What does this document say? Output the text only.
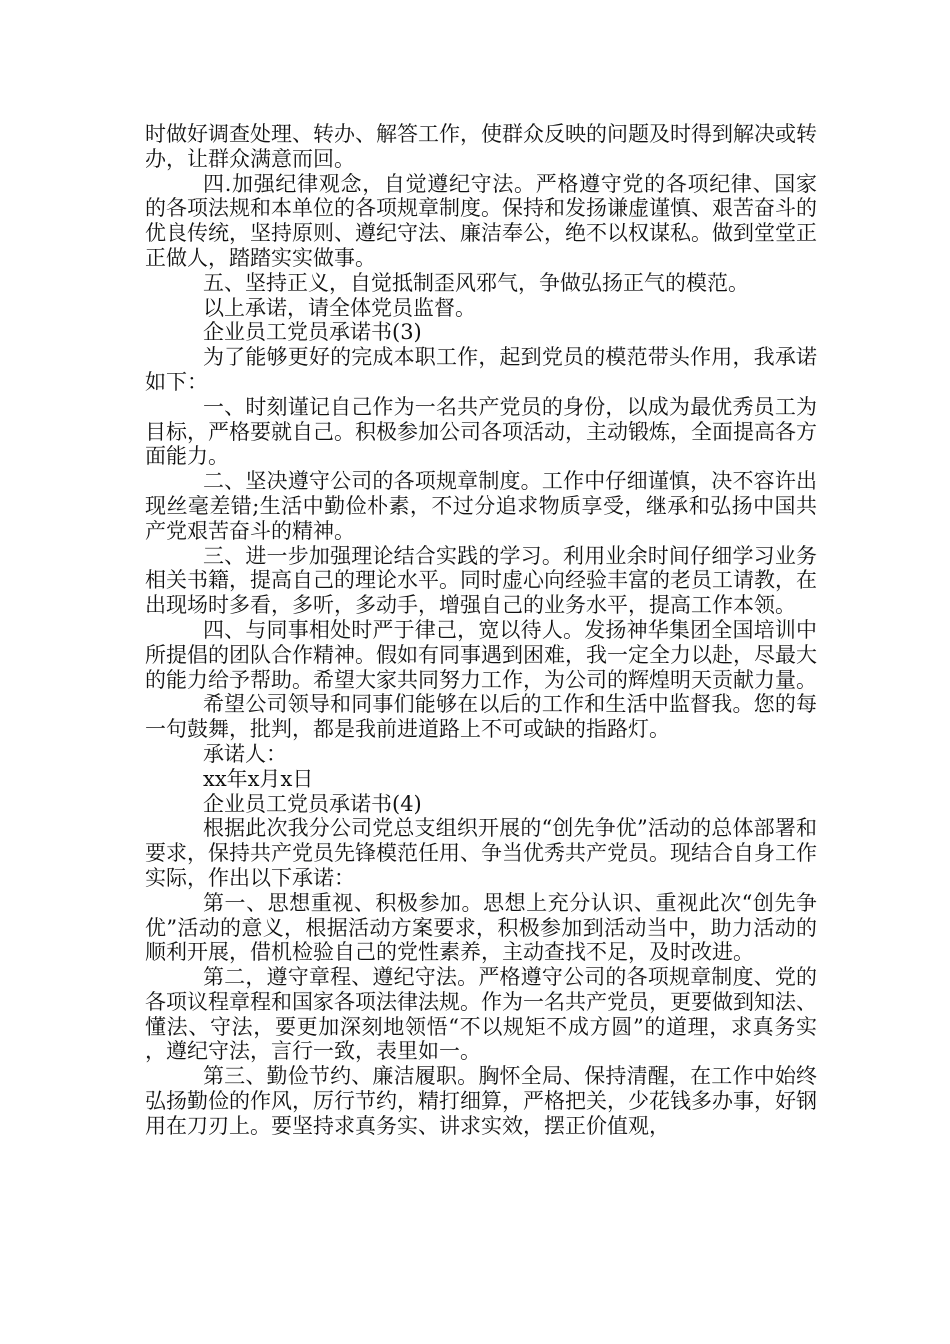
时做好调查处理、转办、解答工作，使群众反映的问题及时得到解决或转办，让群众满意而回。

四.加强纪律观念，自觉遵纪守法。严格遵守党的各项纪律、国家的各项法规和本单位的各项规章制度。保持和发扬谦虚谨慎、艰苦奋斗的优良传统，坚持原则、遵纪守法、廉洁奉公，绝不以权谋私。做到堂堂正正做人，踏踏实实做事。

五、坚持正义，自觉抵制歪风邪气，争做弘扬正气的模范。

以上承诺，请全体党员监督。

企业员工党员承诺书(3)

为了能够更好的完成本职工作，起到党员的模范带头作用，我承诺如下：

一、时刻谨记自己作为一名共产党员的身份，以成为最优秀员工为目标，严格要就自己。积极参加公司各项活动，主动锻炼，全面提高各方面能力。

二、坚决遵守公司的各项规章制度。工作中仔细谨慎，决不容许出现丝毫差错;生活中勤俭朴素，不过分追求物质享受，继承和弘扬中国共产党艰苦奋斗的精神。

三、进一步加强理论结合实践的学习。利用业余时间仔细学习业务相关书籍，提高自己的理论水平。同时虚心向经验丰富的老员工请教，在出现场时多看，多听，多动手，增强自己的业务水平，提高工作本领。

四、与同事相处时严于律己，宽以待人。发扬神华集团全国培训中所提倡的团队合作精神。假如有同事遇到困难，我一定全力以赴，尽最大的能力给予帮助。希望大家共同努力工作，为公司的辉煌明天贡献力量。

希望公司领导和同事们能够在以后的工作和生活中监督我。您的每一句鼓舞，批判，都是我前进道路上不可或缺的指路灯。

承诺人：

xx年x月x日

企业员工党员承诺书(4)

根据此次我分公司党总支组织开展的“创先争优”活动的总体部署和要求，保持共产党员先锋模范任用、争当优秀共产党员。现结合自身工作实际，作出以下承诺：

第一、思想重视、积极参加。思想上充分认识、重视此次“创先争优”活动的意义，根据活动方案要求，积极参加到活动当中，助力活动的顺利开展，借机检验自己的党性素养，主动查找不足，及时改进。

第二，遵守章程、遵纪守法。严格遵守公司的各项规章制度、党的各项议程章程和国家各项法律法规。作为一名共产党员，更要做到知法、懂法、守法，要更加深刻地领悟“不以规矩不成方圆”的道理，求真务实，遵纪守法，言行一致，表里如一。

第三、勤俭节约、廉洁履职。胸怀全局、保持清醒，在工作中始终弘扬勤俭的作风，厉行节约，精打细算，严格把关，少花钱多办事，好钢用在刀刃上。要坚持求真务实、讲求实效，摆正价值观，
